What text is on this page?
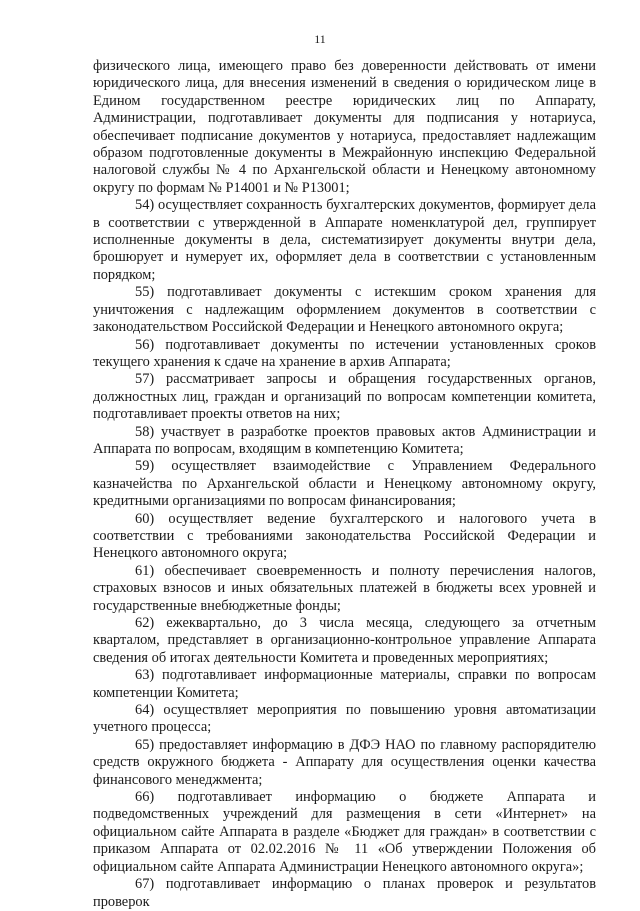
11

физического лица, имеющего право без доверенности действовать от имени юридического лица, для внесения изменений в сведения о юридическом лице в Едином государственном реестре юридических лиц по Аппарату, Администрации, подготавливает документы для подписания у нотариуса, обеспечивает подписание документов у нотариуса, предоставляет надлежащим образом подготовленные документы в Межрайонную инспекцию Федеральной налоговой службы № 4 по Архангельской области и Ненецкому автономному округу по формам № Р14001 и № Р13001;

54) осуществляет сохранность бухгалтерских документов, формирует дела в соответствии с утвержденной в Аппарате номенклатурой дел, группирует исполненные документы в дела, систематизирует документы внутри дела, брошюрует и нумерует их, оформляет дела в соответствии с установленным порядком;

55) подготавливает документы с истекшим сроком хранения для уничтожения с надлежащим оформлением документов в соответствии с законодательством Российской Федерации и Ненецкого автономного округа;

56) подготавливает документы по истечении установленных сроков текущего хранения к сдаче на хранение в архив Аппарата;

57) рассматривает запросы и обращения государственных органов, должностных лиц, граждан и организаций по вопросам компетенции комитета, подготавливает проекты ответов на них;

58) участвует в разработке проектов правовых актов Администрации и Аппарата по вопросам, входящим в компетенцию Комитета;

59) осуществляет взаимодействие с Управлением Федерального казначейства по Архангельской области и Ненецкому автономному округу, кредитными организациями по вопросам финансирования;

60) осуществляет ведение бухгалтерского и налогового учета в соответствии с требованиями законодательства Российской Федерации и Ненецкого автономного округа;

61) обеспечивает своевременность и полноту перечисления налогов, страховых взносов и иных обязательных платежей в бюджеты всех уровней и государственные внебюджетные фонды;

62) ежеквартально, до 3 числа месяца, следующего за отчетным кварталом, представляет в организационно-контрольное управление Аппарата сведения об итогах деятельности Комитета и проведенных мероприятиях;

63) подготавливает информационные материалы, справки по вопросам компетенции Комитета;

64) осуществляет мероприятия по повышению уровня автоматизации учетного процесса;

65) предоставляет информацию в ДФЭ НАО по главному распорядителю средств окружного бюджета - Аппарату для осуществления оценки качества финансового менеджмента;

66) подготавливает информацию о бюджете Аппарата и подведомственных учреждений для размещения в сети «Интернет» на официальном сайте Аппарата в разделе «Бюджет для граждан» в соответствии с приказом Аппарата от 02.02.2016 № 11 «Об утверждении Положения об официальном сайте Аппарата Администрации Ненецкого автономного округа»;

67) подготавливает информацию о планах проверок и результатов проверок
